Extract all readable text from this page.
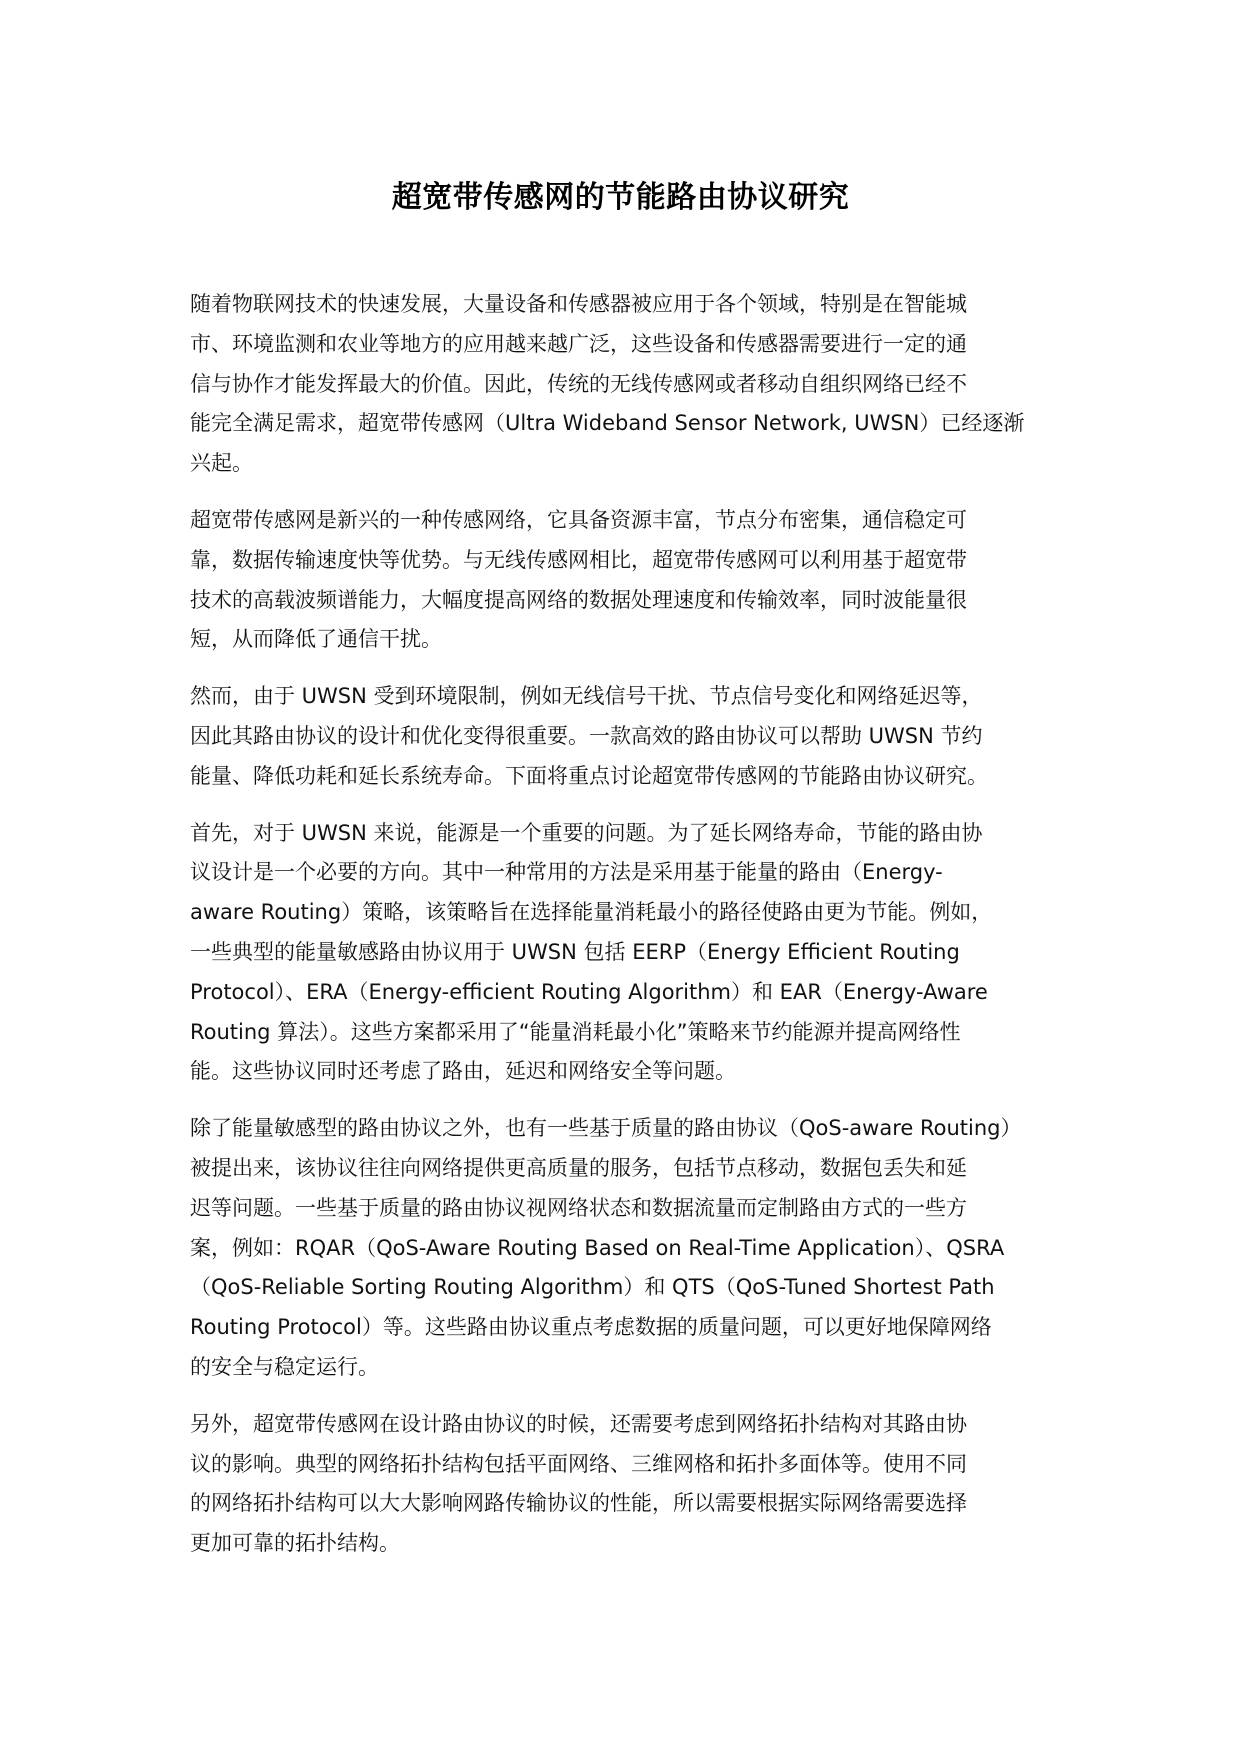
超宽带传感网的节能路由协议研究

随着物联网技术的快速发展，大量设备和传感器被应用于各个领域，特别是在智能城
市、环境监测和农业等地方的应用越来越广泛，这些设备和传感器需要进行一定的通
信与协作才能发挥最大的价值。因此，传统的无线传感网或者移动自组织网络已经不
能完全满足需求，超宽带传感网（Ultra Wideband Sensor Network, UWSN）已经逐渐
兴起。

超宽带传感网是新兴的一种传感网络，它具备资源丰富，节点分布密集，通信稳定可
靠，数据传输速度快等优势。与无线传感网相比，超宽带传感网可以利用基于超宽带
技术的高载波频谱能力，大幅度提高网络的数据处理速度和传输效率，同时波能量很
短，从而降低了通信干扰。

然而，由于 UWSN 受到环境限制，例如无线信号干扰、节点信号变化和网络延迟等，
因此其路由协议的设计和优化变得很重要。一款高效的路由协议可以帮助 UWSN 节约
能量、降低功耗和延长系统寿命。下面将重点讨论超宽带传感网的节能路由协议研究。

首先，对于 UWSN 来说，能源是一个重要的问题。为了延长网络寿命，节能的路由协
议设计是一个必要的方向。其中一种常用的方法是采用基于能量的路由（Energy-
aware Routing）策略，该策略旨在选择能量消耗最小的路径使路由更为节能。例如，
一些典型的能量敏感路由协议用于 UWSN 包括 EERP（Energy Efficient Routing
Protocol）、ERA（Energy-efficient Routing Algorithm）和 EAR（Energy-Aware
Routing 算法）。这些方案都采用了“能量消耗最小化”策略来节约能源并提高网络性
能。这些协议同时还考虑了路由，延迟和网络安全等问题。

除了能量敏感型的路由协议之外，也有一些基于质量的路由协议（QoS-aware Routing）
被提出来，该协议往往向网络提供更高质量的服务，包括节点移动，数据包丢失和延
迟等问题。一些基于质量的路由协议视网络状态和数据流量而定制路由方式的一些方
案，例如：RQAR（QoS-Aware Routing Based on Real-Time Application）、QSRA
（QoS-Reliable Sorting Routing Algorithm）和 QTS（QoS-Tuned Shortest Path
Routing Protocol）等。这些路由协议重点考虑数据的质量问题，可以更好地保障网络
的安全与稳定运行。

另外，超宽带传感网在设计路由协议的时候，还需要考虑到网络拓扑结构对其路由协
议的影响。典型的网络拓扑结构包括平面网络、三维网格和拓扑多面体等。使用不同
的网络拓扑结构可以大大影响网路传输协议的性能，所以需要根据实际网络需要选择
更加可靠的拓扑结构。
